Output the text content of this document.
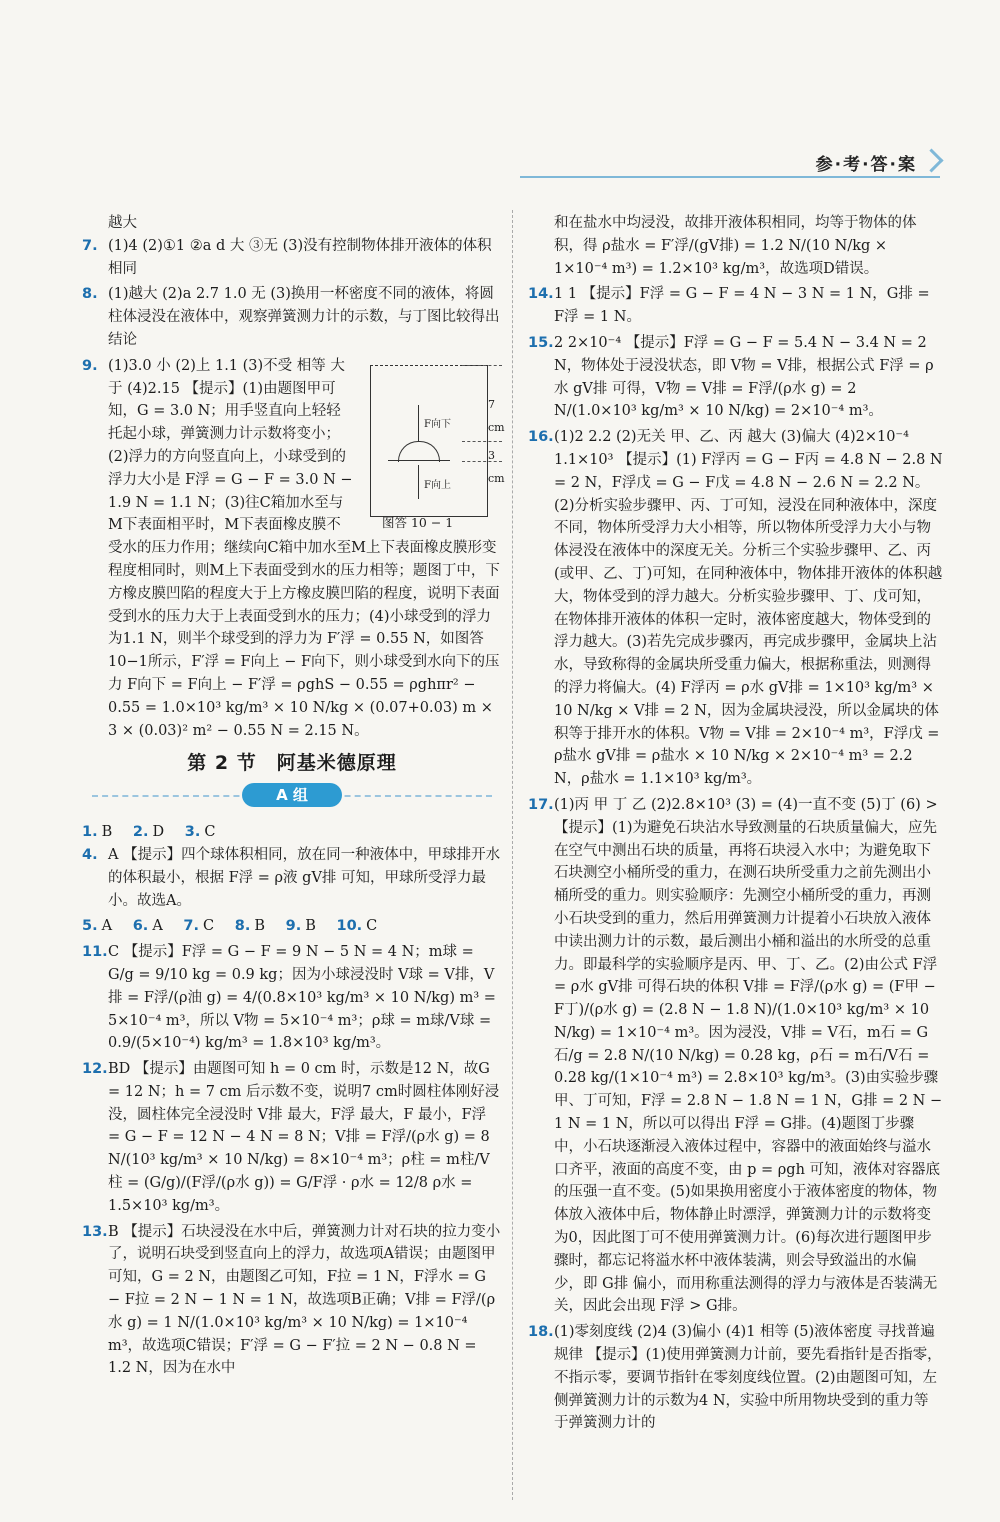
参·考·答·案
越大
7. (1)4 (2)①1 ②a d 大 ③无 (3)没有控制物体排开液体的体积相同

8. (1)越大 (2)a 2.7 1.0 无 (3)换用一杯密度不同的液体，将圆柱体浸没在液体中，观察弹簧测力计的示数，与丁图比较得出结论

9.
F向下
F向上
7 cm
3 cm
图答 10 − 1

(1)3.0 小 (2)上 1.1 (3)不受 相等 大于 (4)2.15 【提示】(1)由题图甲可知，G = 3.0 N；用手竖直向上轻轻托起小球，弹簧测力计示数将变小；(2)浮力的方向竖直向上，小球受到的浮力大小是 F浮 = G − F = 3.0 N − 1.9 N = 1.1 N；(3)往C箱加水至与M下表面相平时，M下表面橡皮膜不受水的压力作用；继续向C箱中加水至M上下表面橡皮膜形变程度相同时，则M上下表面受到水的压力相等；题图丁中，下方橡皮膜凹陷的程度大于上方橡皮膜凹陷的程度，说明下表面受到水的压力大于上表面受到水的压力；(4)小球受到的浮力为1.1 N，则半个球受到的浮力为 F′浮 = 0.55 N，如图答10−1所示，F′浮 = F向上 − F向下，则小球受到水向下的压力 F向下 = F向上 − F′浮 = ρghS − 0.55 = ρghπr² − 0.55 = 1.0×10³ kg/m³ × 10 N/kg × (0.07+0.03) m × 3 × (0.03)² m² − 0.55 N = 2.15 N。

第 2 节　阿基米德原理
A 组
1. B 2. D 3. C
4. A 【提示】四个球体积相同，放在同一种液体中，甲球排开水的体积最小，根据 F浮 = ρ液 gV排 可知，甲球所受浮力最小。故选A。

5. A 6. A 7. C 8. B 9. B 10. C
11. C 【提示】F浮 = G − F = 9 N − 5 N = 4 N；m球 = G/g = 9/10 kg = 0.9 kg；因为小球浸没时 V球 = V排，V排 = F浮/(ρ油 g) = 4/(0.8×10³ kg/m³ × 10 N/kg) m³ = 5×10⁻⁴ m³，所以 V物 = 5×10⁻⁴ m³；ρ球 = m球/V球 = 0.9/(5×10⁻⁴) kg/m³ = 1.8×10³ kg/m³。

12. BD 【提示】由题图可知 h = 0 cm 时，示数是12 N，故G = 12 N；h = 7 cm 后示数不变，说明7 cm时圆柱体刚好浸没，圆柱体完全浸没时 V排 最大，F浮 最大，F 最小，F浮 = G − F = 12 N − 4 N = 8 N；V排 = F浮/(ρ水 g) = 8 N/(10³ kg/m³ × 10 N/kg) = 8×10⁻⁴ m³；ρ柱 = m柱/V柱 = (G/g)/(F浮/(ρ水 g)) = G/F浮 · ρ水 = 12/8 ρ水 = 1.5×10³ kg/m³。

13. B 【提示】石块浸没在水中后，弹簧测力计对石块的拉力变小了，说明石块受到竖直向上的浮力，故选项A错误；由题图甲可知，G = 2 N，由题图乙可知，F拉 = 1 N，F浮水 = G − F拉 = 2 N − 1 N = 1 N，故选项B正确；V排 = F浮/(ρ水 g) = 1 N/(1.0×10³ kg/m³ × 10 N/kg) = 1×10⁻⁴ m³，故选项C错误；F′浮 = G − F′拉 = 2 N − 0.8 N = 1.2 N，因为在水中

和在盐水中均浸没，故排开液体积相同，均等于物体的体积，得 ρ盐水 = F′浮/(gV排) = 1.2 N/(10 N/kg × 1×10⁻⁴ m³) = 1.2×10³ kg/m³，故选项D错误。
14. 1 1 【提示】F浮 = G − F = 4 N − 3 N = 1 N，G排 = F浮 = 1 N。

15. 2 2×10⁻⁴ 【提示】F浮 = G − F = 5.4 N − 3.4 N = 2 N，物体处于浸没状态，即 V物 = V排，根据公式 F浮 = ρ水 gV排 可得，V物 = V排 = F浮/(ρ水 g) = 2 N/(1.0×10³ kg/m³ × 10 N/kg) = 2×10⁻⁴ m³。

16. (1)2 2.2 (2)无关 甲、乙、丙 越大 (3)偏大 (4)2×10⁻⁴ 1.1×10³ 【提示】(1) F浮丙 = G − F丙 = 4.8 N − 2.8 N = 2 N，F浮戊 = G − F戊 = 4.8 N − 2.6 N = 2.2 N。(2)分析实验步骤甲、丙、丁可知，浸没在同种液体中，深度不同，物体所受浮力大小相等，所以物体所受浮力大小与物体浸没在液体中的深度无关。分析三个实验步骤甲、乙、丙(或甲、乙、丁)可知，在同种液体中，物体排开液体的体积越大，物体受到的浮力越大。分析实验步骤甲、丁、戊可知，在物体排开液体的体积一定时，液体密度越大，物体受到的浮力越大。(3)若先完成步骤丙，再完成步骤甲，金属块上沾水，导致称得的金属块所受重力偏大，根据称重法，则测得的浮力将偏大。(4) F浮丙 = ρ水 gV排 = 1×10³ kg/m³ × 10 N/kg × V排 = 2 N，因为金属块浸没，所以金属块的体积等于排开水的体积。V物 = V排 = 2×10⁻⁴ m³，F浮戊 = ρ盐水 gV排 = ρ盐水 × 10 N/kg × 2×10⁻⁴ m³ = 2.2 N，ρ盐水 = 1.1×10³ kg/m³。

17. (1)丙 甲 丁 乙 (2)2.8×10³ (3) = (4)一直不变 (5)丁 (6) > 【提示】(1)为避免石块沾水导致测量的石块质量偏大，应先在空气中测出石块的质量，再将石块浸入水中；为避免取下石块测空小桶所受的重力，在测石块所受重力之前先测出小桶所受的重力。则实验顺序：先测空小桶所受的重力，再测小石块受到的重力，然后用弹簧测力计提着小石块放入液体中读出测力计的示数，最后测出小桶和溢出的水所受的总重力。即最科学的实验顺序是丙、甲、丁、乙。(2)由公式 F浮 = ρ水 gV排 可得石块的体积 V排 = F浮/(ρ水 g) = (F甲 − F丁)/(ρ水 g) = (2.8 N − 1.8 N)/(1.0×10³ kg/m³ × 10 N/kg) = 1×10⁻⁴ m³。因为浸没，V排 = V石，m石 = G石/g = 2.8 N/(10 N/kg) = 0.28 kg，ρ石 = m石/V石 = 0.28 kg/(1×10⁻⁴ m³) = 2.8×10³ kg/m³。(3)由实验步骤甲、丁可知，F浮 = 2.8 N − 1.8 N = 1 N，G排 = 2 N − 1 N = 1 N，所以可以得出 F浮 = G排。(4)题图丁步骤中，小石块逐渐浸入液体过程中，容器中的液面始终与溢水口齐平，液面的高度不变，由 p = ρgh 可知，液体对容器底的压强一直不变。(5)如果换用密度小于液体密度的物体，物体放入液体中后，物体静止时漂浮，弹簧测力计的示数将变为0，因此图丁可不使用弹簧测力计。(6)每次进行题图甲步骤时，都忘记将溢水杯中液体装满，则会导致溢出的水偏少，即 G排 偏小，而用称重法测得的浮力与液体是否装满无关，因此会出现 F浮 > G排。

18. (1)零刻度线 (2)4 (3)偏小 (4)1 相等 (5)液体密度 寻找普遍规律 【提示】(1)使用弹簧测力计前，要先看指针是否指零，不指示零，要调节指针在零刻度线位置。(2)由题图可知，左侧弹簧测力计的示数为4 N，实验中所用物块受到的重力等于弹簧测力计的
